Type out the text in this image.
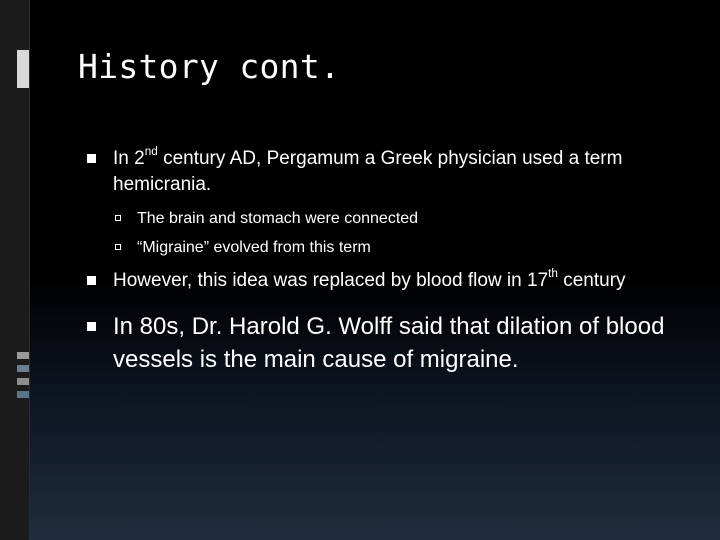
History cont.
In 2nd century AD, Pergamum a Greek physician used a term hemicrania.
The brain and stomach were connected
“Migraine” evolved from this term
However, this idea was replaced by blood flow in 17th century
In 80s, Dr. Harold G. Wolff said that dilation of blood vessels is the main cause of migraine.
